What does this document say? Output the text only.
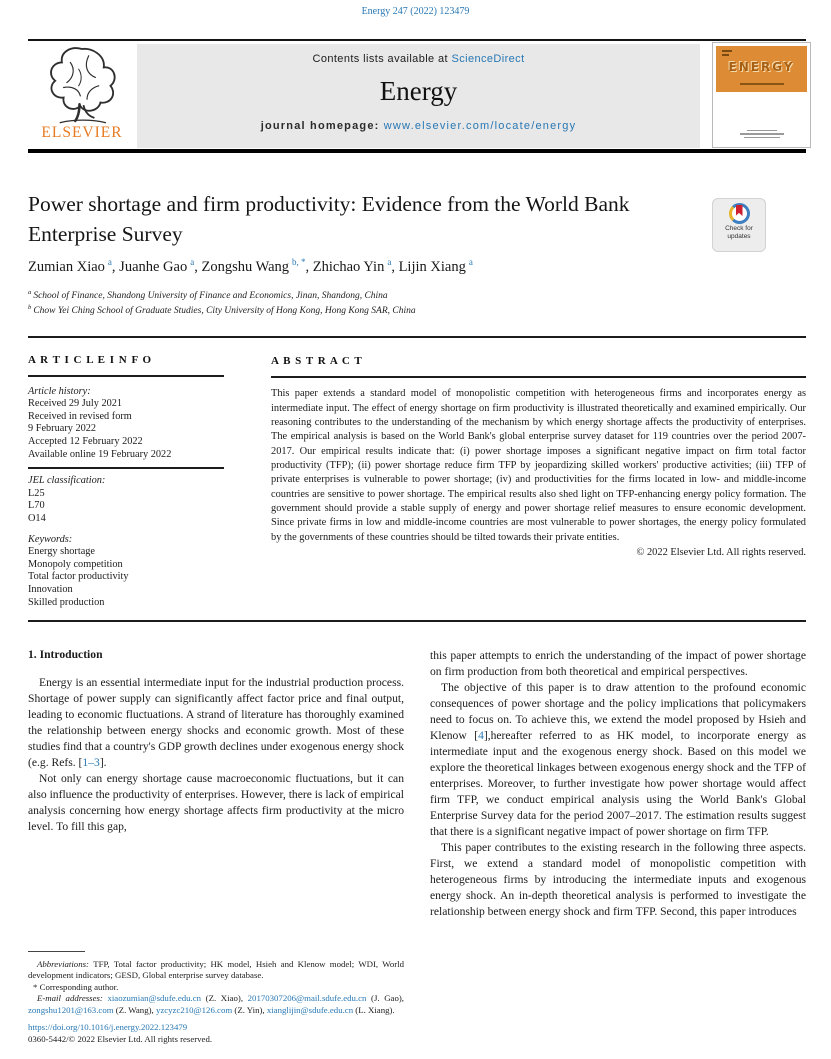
Energy 247 (2022) 123479
ELSEVIER
Contents lists available at ScienceDirect
Energy
journal homepage: www.elsevier.com/locate/energy
ENERGY
Power shortage and firm productivity: Evidence from the World Bank Enterprise Survey	Check for
updates
Zumian Xiao $^a$, Juanhe Gao $^a$, Zongshu Wang $^{b, *}$, Zhichao Yin $^a$, Lijin Xiang $^a$
$^a$ School of Finance, Shandong University of Finance and Economics, Jinan, Shandong, China
$^b$ Chow Yei Ching School of Graduate Studies, City University of Hong Kong, Hong Kong SAR, China
A R T I C L E I N F O
Article history:
Received 29 July 2021
Received in revised form
9 February 2022
Accepted 12 February 2022
Available online 19 February 2022
JEL classification:
L25
L70
O14
Keywords:
Energy shortage
Monopoly competition
Total factor productivity
Innovation
Skilled production
A B S T R A C T

This paper extends a standard model of monopolistic competition with heterogeneous firms and incorporates energy as intermediate input. The effect of energy shortage on firm productivity is illustrated theoretically and examined empirically. Our reasoning contributes to the understanding of the mechanism by which energy shortage affects the productivity of enterprises. The empirical analysis is based on the World Bank's global enterprise survey dataset for 119 countries over the period 2007-2017. Our empirical results indicate that: (i) power shortage imposes a significant negative impact on firm total factor productivity (TFP); (ii) power shortage reduce firm TFP by jeopardizing skilled workers' productive activities; (iii) TFP of private enterprises is vulnerable to power shortage; (iv) and productivities for the firms located in low- and middle-income countries are sensitive to power shortage. The empirical results also shed light on TFP-enhancing energy policy formation. The government should provide a stable supply of energy and power shortage relief measures to ensure economic development. Since private firms in low and middle-income countries are most vulnerable to power shortages, the energy policy formulated by the governments of these countries should be tilted towards their private entities.

© 2022 Elsevier Ltd. All rights reserved.
1. Introduction

Energy is an essential intermediate input for the industrial production process. Shortage of power supply can significantly affect factor price and final output, leading to economic fluctuations. A strand of literature has thoroughly examined the relationship between energy shocks and economic growth. Most of these studies find that a country's GDP growth declines under exogenous energy shock (e.g. Refs. [1–3].

Not only can energy shortage cause macroeconomic fluctuations, but it can also influence the productivity of enterprises. However, there is lack of empirical analysis concerning how energy shortage affects firm productivity at the micro level. To fill this gap,

Abbreviations: TFP, Total factor productivity; HK model, Hsieh and Klenow model; WDI, World development indicators; GESD, Global enterprise survey database.

* Corresponding author.

E-mail addresses: xiaozumian@sdufe.edu.cn (Z. Xiao), 20170307206@mail.sdufe.edu.cn (J. Gao), zongshu1201@163.com (Z. Wang), yzcyzc210@126.com (Z. Yin), xianglijin@sdufe.edu.cn (L. Xiang).

this paper attempts to enrich the understanding of the impact of power shortage on firm production from both theoretical and empirical perspectives.

The objective of this paper is to draw attention to the profound economic consequences of power shortage and the policy implications that policymakers need to focus on. To achieve this, we extend the model proposed by Hsieh and Klenow [4],hereafter referred to as HK model, to incorporate energy as intermediate input and the exogenous energy shock. Based on this model we explore the theoretical linkages between exogenous energy shock and the TFP of enterprises. Moreover, to further investigate how power shortage would affect firm TFP, we conduct empirical analysis using the World Bank's Global Enterprise Survey data for the period 2007–2017. The estimation results suggest that there is a significant negative impact of power shortage on firm TFP.

This paper contributes to the existing research in the following three aspects. First, we extend a standard model of monopolistic competition with heterogeneous firms by introducing the intermediate inputs and exogenous energy shock. An in-depth theoretical analysis is performed to investigate the relationship between energy shock and firm TFP. Second, this paper introduces

https://doi.org/10.1016/j.energy.2022.123479
0360-5442/© 2022 Elsevier Ltd. All rights reserved.
